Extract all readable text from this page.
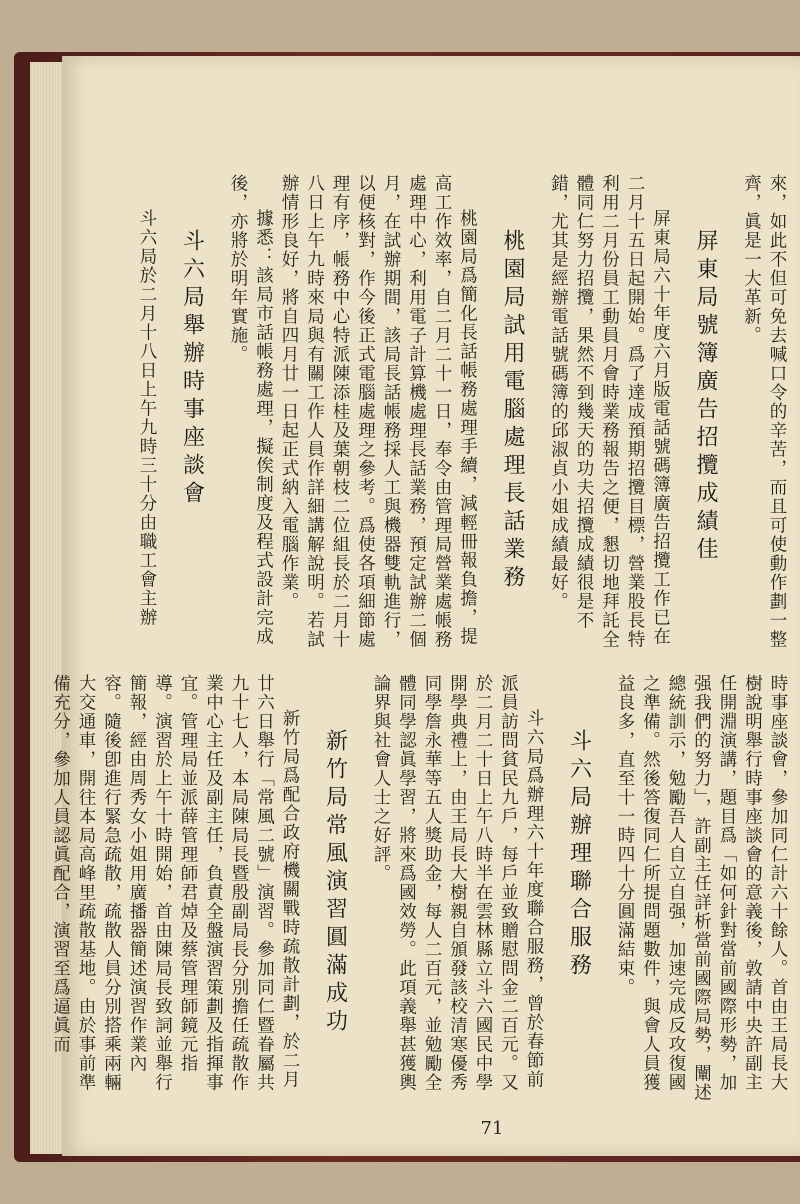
來，如此不但可免去喊口令的辛苦，而且可使動作劃一整齊，眞是一大革新。

屏東局號簿廣告招攬成績佳

屏東局六十年度六月版電話號碼簿廣告招攬工作已在二月十五日起開始。爲了達成預期招攬目標，營業股長特利用二月份員工動員月會時業務報告之便，懇切地拜託全體同仁努力招攬，果然不到幾天的功夫招攬成績很是不錯，尤其是經辦電話號碼簿的邱淑貞小姐成績最好。

桃園局試用電腦處理長話業務

桃園局爲簡化長話帳務處理手續，減輕冊報負擔，提高工作效率，自二月二十一日，奉令由管理局營業處帳務處理中心，利用電子計算機處理長話業務，預定試辦二個月，在試辦期間，該局長話帳務採人工與機器雙軌進行，以便核對，作今後正式電腦處理之參考。爲使各項細節處理有序，帳務中心特派陳添桂及葉朝枝二位組長於二月十八日上午九時來局與有關工作人員作詳細講解說明。若試辦情形良好，將自四月廿一日起正式納入電腦作業。

據悉：該局市話帳務處理，擬俟制度及程式設計完成後，亦將於明年實施。

斗六局舉辦時事座談會

斗六局於二月十八日上午九時三十分由職工會主辦

時事座談會，參加同仁計六十餘人。首由王局長大樹說明舉行時事座談會的意義後，敦請中央許副主任開淵演講，題目爲「如何針對當前國際形勢，加强我們的努力」，許副主任詳析當前國際局勢，闡述　總統訓示，勉勵吾人自立自强，加速完成反攻復國之準備。然後答復同仁所提問題數件，與會人員獲益良多，直至十一時四十分圓滿結束。

斗六局辦理聯合服務

斗六局爲辦理六十年度聯合服務，曾於春節前派員訪問貧民九戶，每戶並致贈慰問金二百元。又於二月二十日上午八時半在雲林縣立斗六國民中學開學典禮上，由王局長大樹親自頒發該校清寒優秀同學詹永華等五人獎助金，每人二百元，並勉勵全體同學認眞學習，將來爲國效勞。此項義舉甚獲輿論界與社會人士之好評。

新竹局常風演習圓滿成功

新竹局爲配合政府機關戰時疏散計劃，於二月廿六日舉行「常風二號」演習。參加同仁暨眷屬共九十七人，本局陳局長暨殷副局長分別擔任疏散作業中心主任及副主任，負責全盤演習策劃及指揮事宜。管理局並派薛管理師君焯及蔡管理師鏡元指導。演習於上午十時開始，首由陳局長致詞並舉行簡報，經由周秀女小姐用廣播器簡述演習作業內容。隨後卽進行緊急疏散，疏散人員分別搭乘兩輛大交通車，開往本局高峰里疏散基地。由於事前準備充分，參加人員認眞配合，演習至爲逼眞而

71
